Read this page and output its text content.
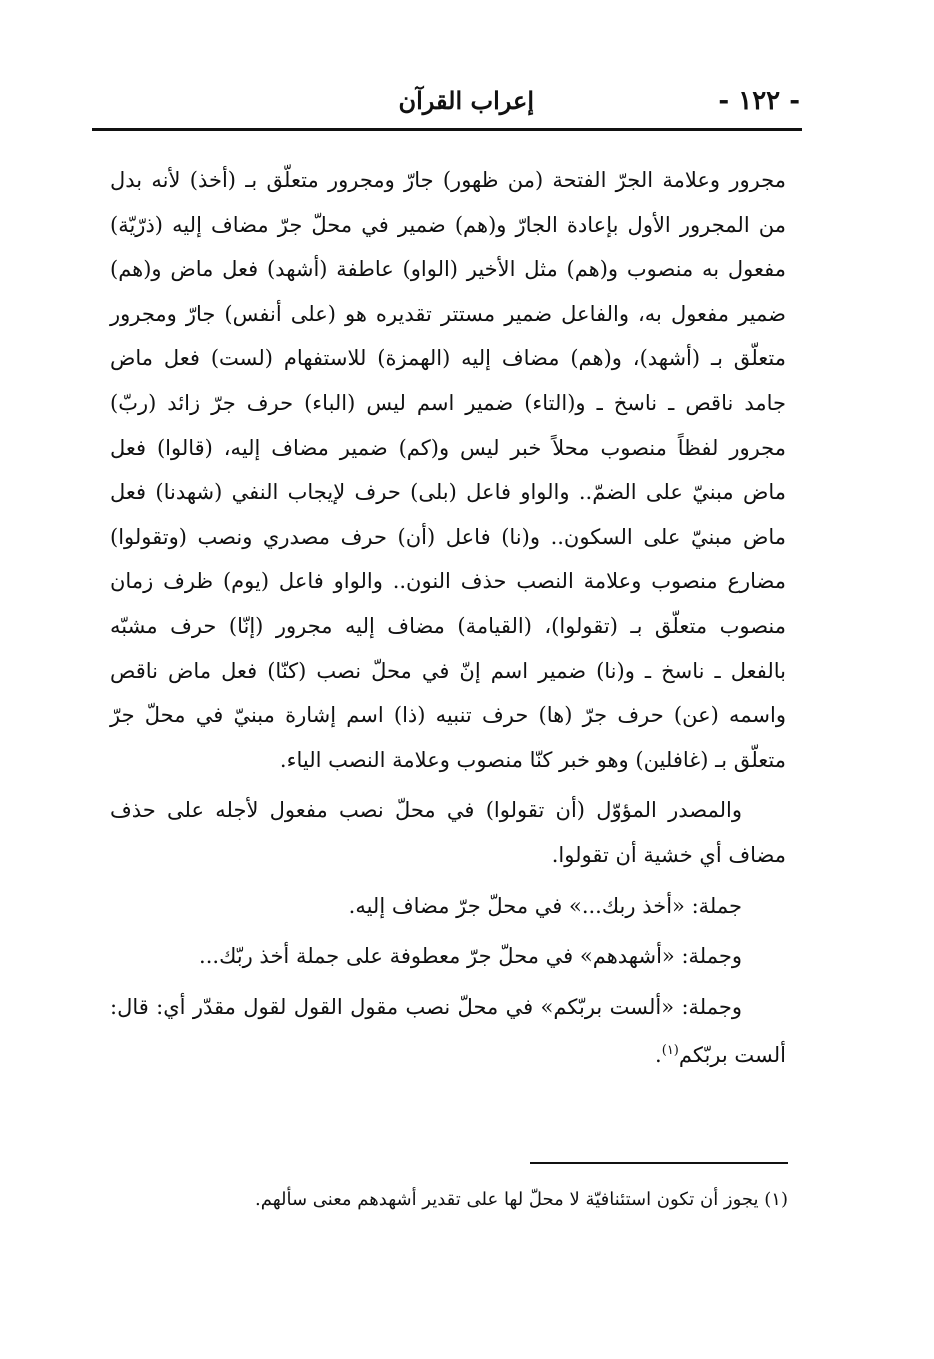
- ١٢٢ -
إعراب القرآن

مجرور وعلامة الجرّ الفتحة (من ظهور) جارّ ومجرور متعلّق بـ (أخذ) لأنه بدل من المجرور الأول بإعادة الجارّ و(هم) ضمير في محلّ جرّ مضاف إليه (ذرّيّة) مفعول به منصوب و(هم) مثل الأخير (الواو) عاطفة (أشهد) فعل ماض و(هم) ضمير مفعول به، والفاعل ضمير مستتر تقديره هو (على أنفس) جارّ ومجرور متعلّق بـ (أشهد)، و(هم) مضاف إليه (الهمزة) للاستفهام (لست) فعل ماض جامد ناقص ـ ناسخ ـ و(التاء) ضمير اسم ليس (الباء) حرف جرّ زائد (ربّ) مجرور لفظاً منصوب محلاً خبر ليس و(كم) ضمير مضاف إليه، (قالوا) فعل ماض مبنيّ على الضمّ.. والواو فاعل (بلى) حرف لإيجاب النفي (شهدنا) فعل ماض مبنيّ على السكون.. و(نا) فاعل (أن) حرف مصدري ونصب (وتقولوا) مضارع منصوب وعلامة النصب حذف النون.. والواو فاعل (يوم) ظرف زمان منصوب متعلّق بـ (تقولوا)، (القيامة) مضاف إليه مجرور (إنّا) حرف مشبّه بالفعل ـ ناسخ ـ و(نا) ضمير اسم إنّ في محلّ نصب (كنّا) فعل ماض ناقص واسمه (عن) حرف جرّ (ها) حرف تنبيه (ذا) اسم إشارة مبنيّ في محلّ جرّ متعلّق بـ (غافلين) وهو خبر كنّا منصوب وعلامة النصب الياء.

والمصدر المؤوّل (أن تقولوا) في محلّ نصب مفعول لأجله على حذف مضاف أي خشية أن تقولوا.

جملة: «أخذ ربك...» في محلّ جرّ مضاف إليه.

وجملة: «أشهدهم» في محلّ جرّ معطوفة على جملة أخذ ربّك...

وجملة: «ألست بربّكم» في محلّ نصب مقول القول لقول مقدّر أي: قال: ألست بربّكم$^{(١)}$.

(١) يجوز أن تكون استئنافيّة لا محلّ لها على تقدير أشهدهم معنى سألهم.
